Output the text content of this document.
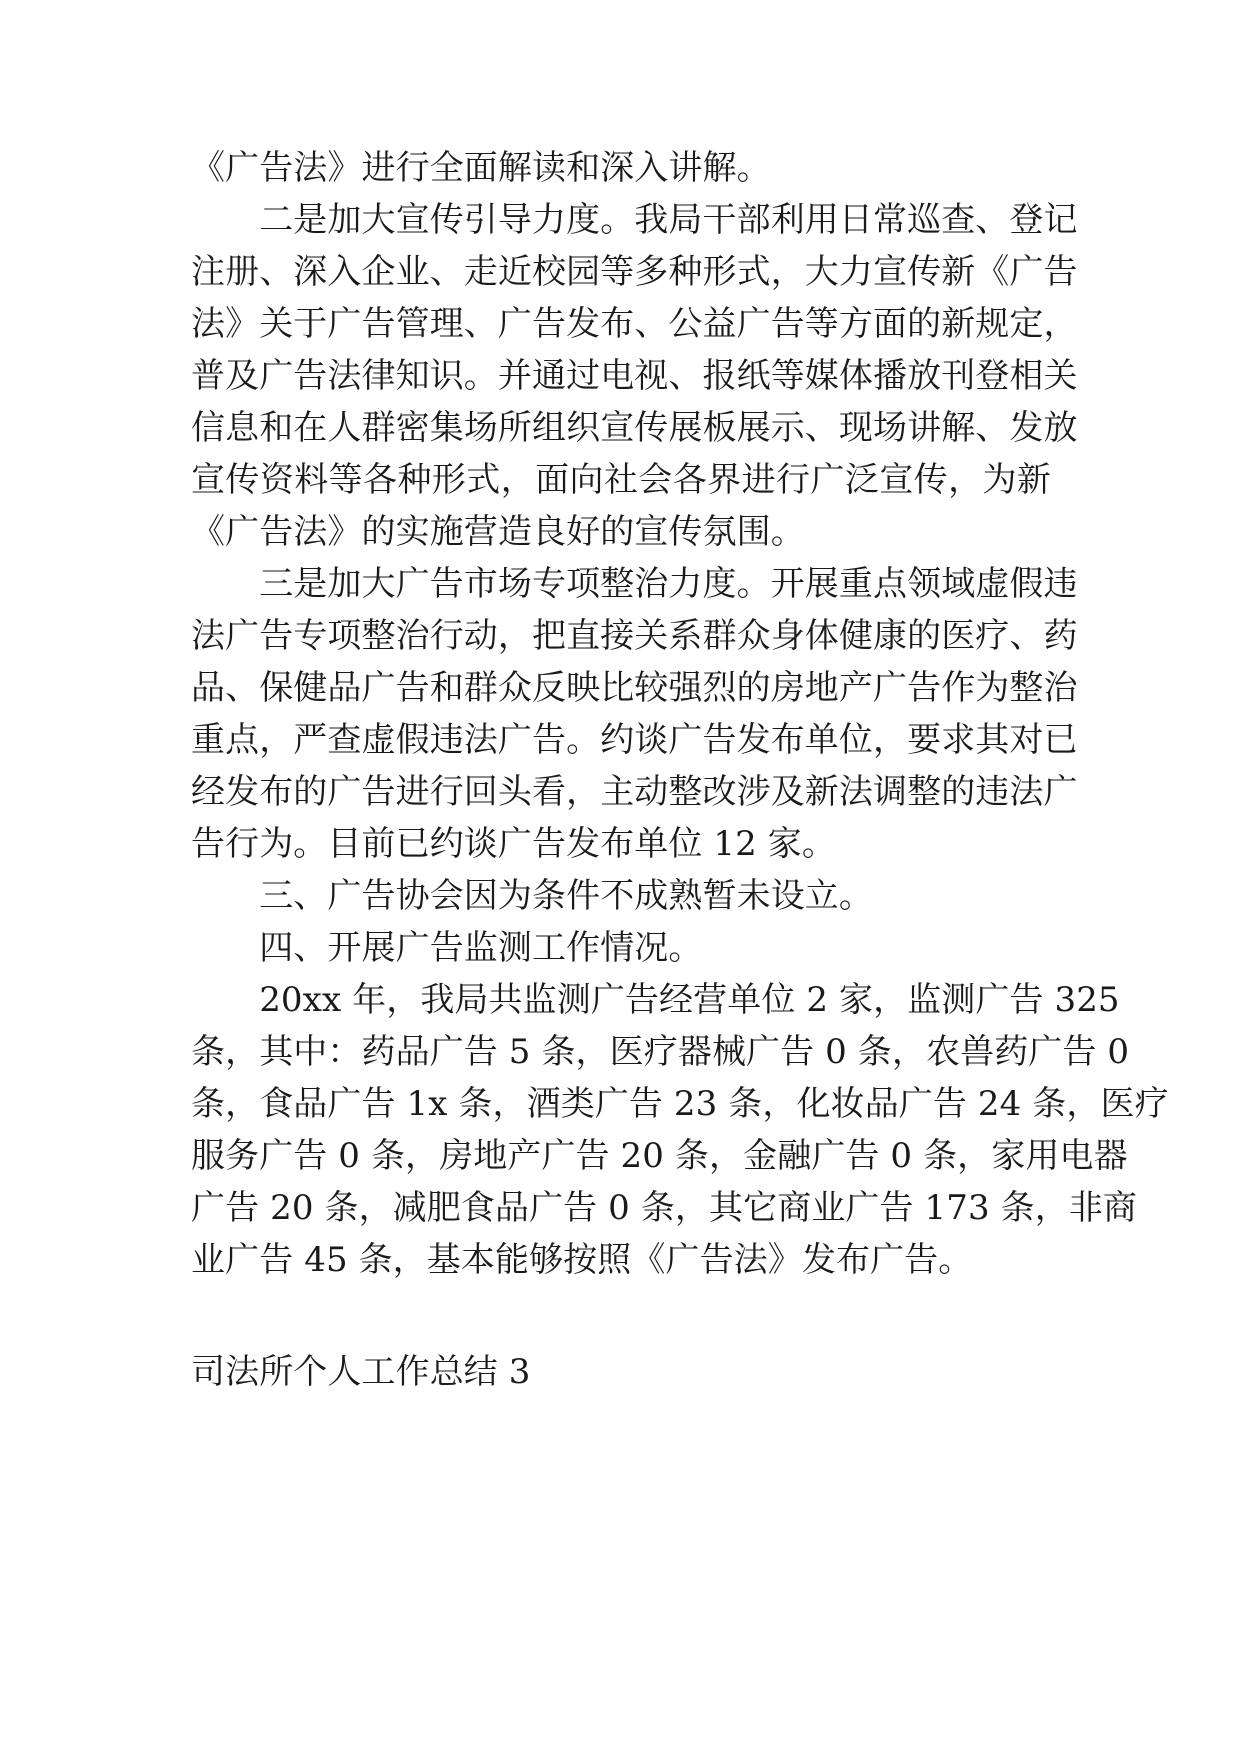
《广告法》进行全面解读和深入讲解。
　　二是加大宣传引导力度。我局干部利用日常巡查、登记
注册、深入企业、走近校园等多种形式，大力宣传新《广告
法》关于广告管理、广告发布、公益广告等方面的新规定，
普及广告法律知识。并通过电视、报纸等媒体播放刊登相关
信息和在人群密集场所组织宣传展板展示、现场讲解、发放
宣传资料等各种形式，面向社会各界进行广泛宣传，为新
《广告法》的实施营造良好的宣传氛围。
　　三是加大广告市场专项整治力度。开展重点领域虚假违
法广告专项整治行动，把直接关系群众身体健康的医疗、药
品、保健品广告和群众反映比较强烈的房地产广告作为整治
重点，严查虚假违法广告。约谈广告发布单位，要求其对已
经发布的广告进行回头看，主动整改涉及新法调整的违法广
告行为。目前已约谈广告发布单位 12 家。
　　三、广告协会因为条件不成熟暂未设立。
　　四、开展广告监测工作情况。
　　20xx 年，我局共监测广告经营单位 2 家，监测广告 325
条，其中：药品广告 5 条，医疗器械广告 0 条，农兽药广告 0
条，食品广告 1x 条，酒类广告 23 条，化妆品广告 24 条，医疗
服务广告 0 条，房地产广告 20 条，金融广告 0 条，家用电器
广告 20 条，减肥食品广告 0 条，其它商业广告 173 条，非商
业广告 45 条，基本能够按照《广告法》发布广告。
司法所个人工作总结 3
